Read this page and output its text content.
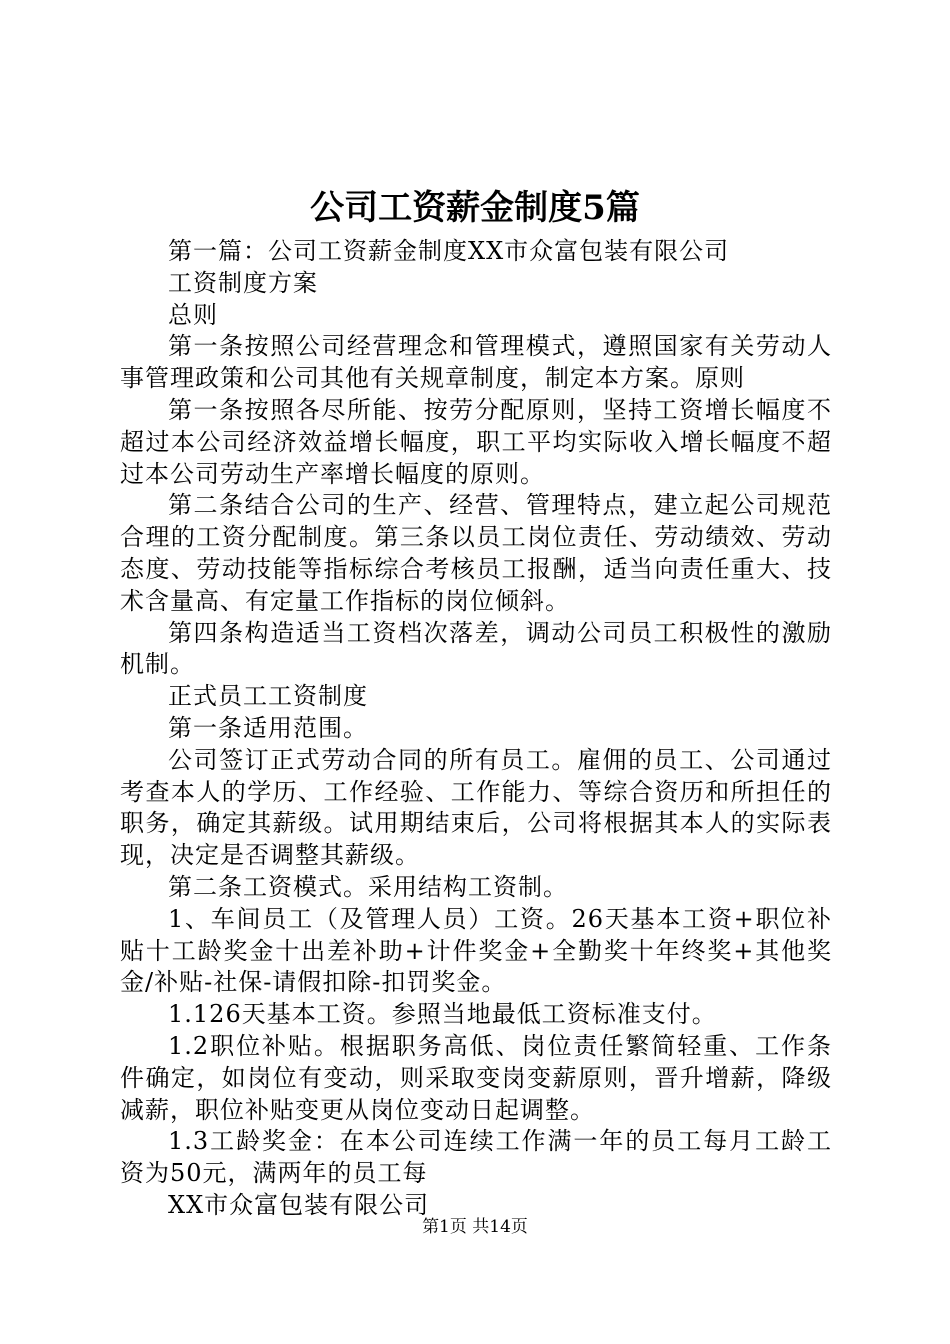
公司工资薪金制度5篇

第一篇：公司工资薪金制度XX市众富包装有限公司

工资制度方案

总则

第一条按照公司经营理念和管理模式，遵照国家有关劳动人事管理政策和公司其他有关规章制度，制定本方案。原则

第一条按照各尽所能、按劳分配原则，坚持工资增长幅度不超过本公司经济效益增长幅度，职工平均实际收入增长幅度不超过本公司劳动生产率增长幅度的原则。

第二条结合公司的生产、经营、管理特点，建立起公司规范合理的工资分配制度。第三条以员工岗位责任、劳动绩效、劳动态度、劳动技能等指标综合考核员工报酬，适当向责任重大、技术含量高、有定量工作指标的岗位倾斜。

第四条构造适当工资档次落差，调动公司员工积极性的激励机制。

正式员工工资制度

第一条适用范围。

公司签订正式劳动合同的所有员工。雇佣的员工、公司通过考查本人的学历、工作经验、工作能力、等综合资历和所担任的职务，确定其薪级。试用期结束后，公司将根据其本人的实际表现，决定是否调整其薪级。

第二条工资模式。采用结构工资制。

1、车间员工（及管理人员）工资。26天基本工资+职位补贴十工龄奖金十出差补助+计件奖金+全勤奖十年终奖+其他奖金/补贴-社保-请假扣除-扣罚奖金。

1.126天基本工资。参照当地最低工资标准支付。

1.2职位补贴。根据职务高低、岗位责任繁简轻重、工作条件确定，如岗位有变动，则采取变岗变薪原则，晋升增薪，降级减薪，职位补贴变更从岗位变动日起调整。

1.3工龄奖金：在本公司连续工作满一年的员工每月工龄工资为50元，满两年的员工每

XX市众富包装有限公司

第1页 共14页
